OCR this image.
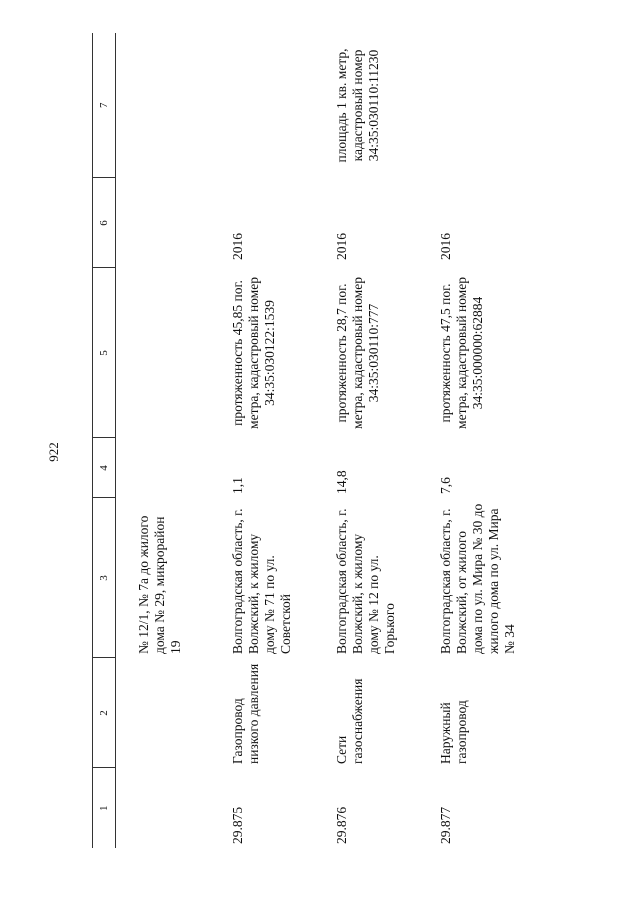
922
1	2	3	4	5	6	7
		№ 12/1, № 7а до жилого дома № 29, микрорайон 19				
29.875	Газопровод низкого давления	Волгоградская область, г. Волжский, к жилому дому № 71 по ул. Советской	1,1	протяженность 45,85 пог. метра, кадастровый номер 34:35:030122:1539	2016	
29.876	Сети газоснабжения	Волгоградская область, г. Волжский, к жилому дому № 12 по ул. Горького	14,8	протяженность 28,7 пог. метра, кадастровый номер 34:35:030110:777	2016	площадь 1 кв. метр, кадастровый номер 34:35:030110:11230
29.877	Наружный газопровод	Волгоградская область, г. Волжский, от жилого дома по ул. Мира № 30 до жилого дома по ул. Мира № 34	7,6	протяженность 47,5 пог. метра, кадастровый номер 34:35:000000:62884	2016	
